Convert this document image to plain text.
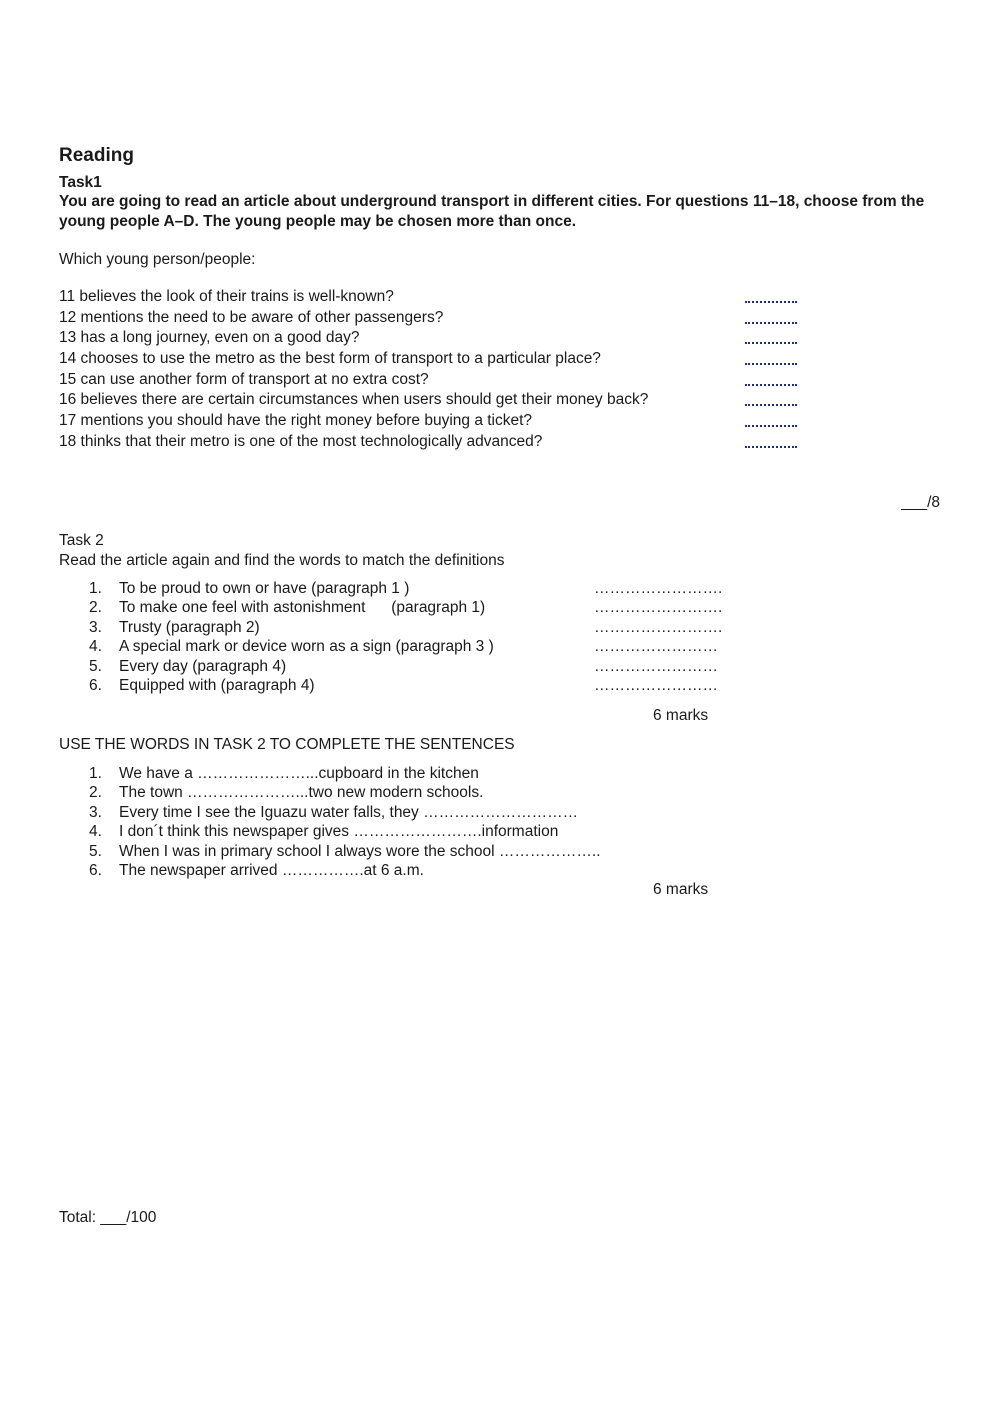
Reading
Task1
You are going to read an article about underground transport in different cities. For questions 11–18, choose from the young people A–D. The young people may be chosen more than once.
Which young person/people:
11 believes the look of their trains is well-known?
12 mentions the need to be aware of other passengers?
13 has a long journey, even on a good day?
14 chooses to use the metro as the best form of transport to a particular place?
15 can use another form of transport at no extra cost?
16 believes there are certain circumstances when users should get their money back?
17 mentions you should have the right money before buying a ticket?
18 thinks that their metro is one of the most technologically advanced?
___/8
Task 2
Read the article again and find the words to match the definitions
1. To be proud to own or have (paragraph 1 )	…………………….
2. To make one feel with astonishment      (paragraph 1)	…………………….
3. Trusty (paragraph 2)	…………………….
4. A special mark or device worn as a sign (paragraph 3 )	……………………
5. Every day (paragraph 4)	……………………
6. Equipped with (paragraph 4)	……………………
6 marks
USE THE WORDS IN TASK 2 TO COMPLETE THE SENTENCES
1. We have a …………………...cupboard in the kitchen
2. The town …………………...two new modern schools.
3. Every time I see the Iguazu water falls, they …………………………
4. I don´t think this newspaper gives …………………….information
5. When I was in primary school I always wore the school ………………..
6. The newspaper arrived …………….at 6 a.m.
6 marks
Total: ___/100
